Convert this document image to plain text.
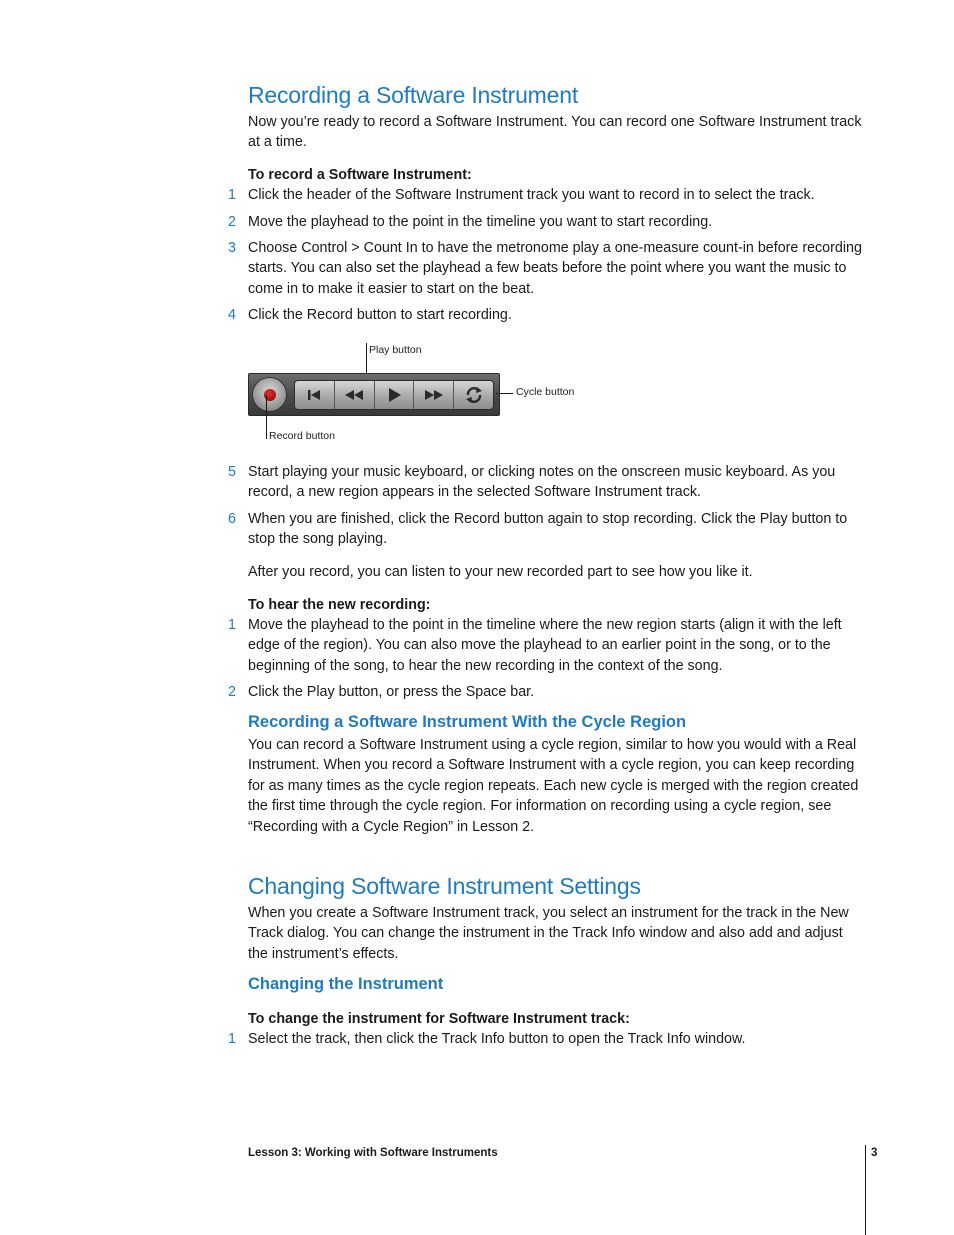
Recording a Software Instrument
Now you’re ready to record a Software Instrument. You can record one Software Instrument track at a time.
To record a Software Instrument:
1 Click the header of the Software Instrument track you want to record in to select the track.
2 Move the playhead to the point in the timeline you want to start recording.
3 Choose Control > Count In to have the metronome play a one-measure count-in before recording starts. You can also set the playhead a few beats before the point where you want the music to come in to make it easier to start on the beat.
4 Click the Record button to start recording.
Play button
Cycle button
Record button
5 Start playing your music keyboard, or clicking notes on the onscreen music keyboard. As you record, a new region appears in the selected Software Instrument track.
6 When you are finished, click the Record button again to stop recording. Click the Play button to stop the song playing.
After you record, you can listen to your new recorded part to see how you like it.
To hear the new recording:
1 Move the playhead to the point in the timeline where the new region starts (align it with the left edge of the region). You can also move the playhead to an earlier point in the song, or to the beginning of the song, to hear the new recording in the context of the song.
2 Click the Play button, or press the Space bar.
Recording a Software Instrument With the Cycle Region
You can record a Software Instrument using a cycle region, similar to how you would with a Real Instrument. When you record a Software Instrument with a cycle region, you can keep recording for as many times as the cycle region repeats. Each new cycle is merged with the region created the first time through the cycle region. For information on recording using a cycle region, see “Recording with a Cycle Region” in Lesson 2.
Changing Software Instrument Settings
When you create a Software Instrument track, you select an instrument for the track in the New Track dialog. You can change the instrument in the Track Info window and also add and adjust the instrument’s effects.
Changing the Instrument
To change the instrument for Software Instrument track:
1 Select the track, then click the Track Info button to open the Track Info window.
Lesson 3: Working with Software Instruments	3
